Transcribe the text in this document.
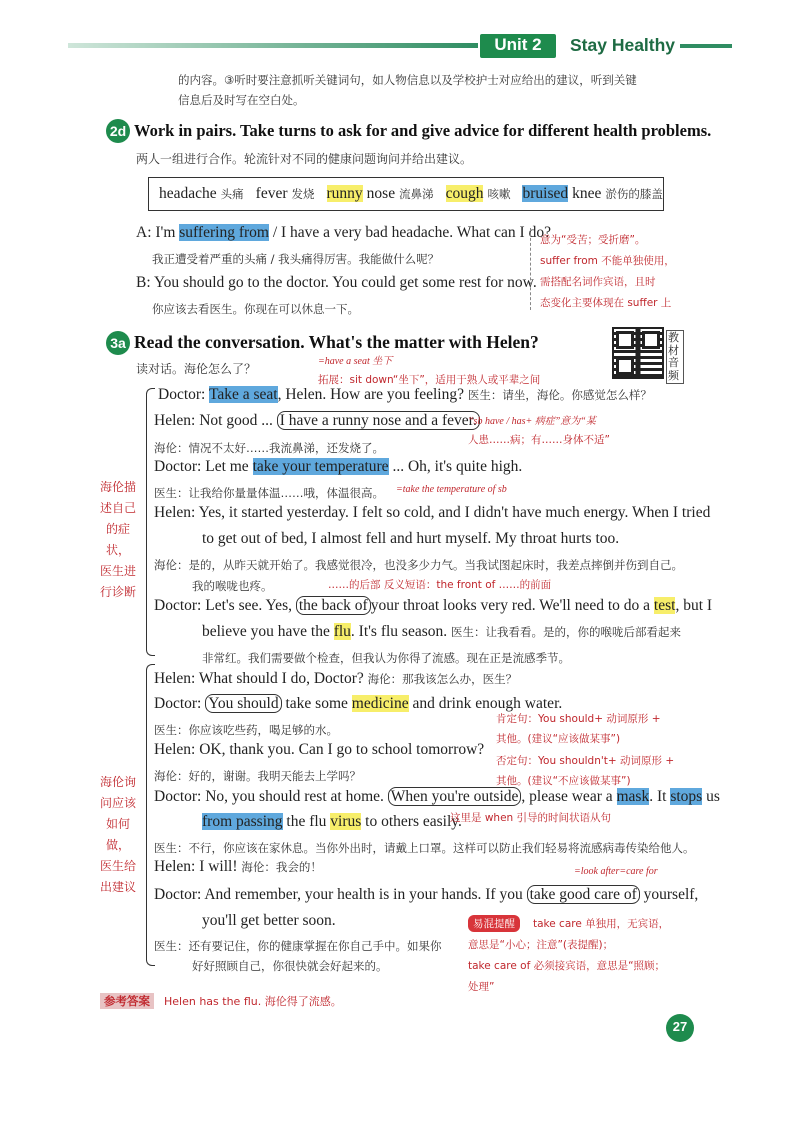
Unit 2	Stay Healthy
的内容。③听时要注意抓听关键词句，如人物信息以及学校护士对应给出的建议，听到关键
信息后及时写在空白处。
2d Work in pairs. Take turns to ask for and give advice for different health problems.
两人一组进行合作。轮流针对不同的健康问题询问并给出建议。
headache 头痛 fever 发烧 runny nose 流鼻涕 cough 咳嗽 bruised knee 淤伤的膝盖
A: I'm suffering from / I have a very bad headache. What can I do?
我正遭受着严重的头痛 / 我头痛得厉害。我能做什么呢？
B: You should go to the doctor. You could get some rest for now.
你应该去看医生。你现在可以休息一下。
意为“受苦；受折磨”。
suffer from 不能单独使用，
需搭配名词作宾语，且时
态变化主要体现在 suffer 上
3a Read the conversation. What's the matter with Helen?
读对话。海伦怎么了？
教材音频
海伦描
述自己
的症状，
医生进
行诊断
海伦询
问应该
如何做，
医生给
出建议
=have a seat 坐下
拓展：sit down“坐下”，适用于熟人或平辈之间
Doctor: Take a seat, Helen. How are you feeling? 医生：请坐，海伦。你感觉怎么样？
Helen: Not good ... I have a runny nose and a fever.
“sb have / has+ 病症”意为“某
人患……病；有……身体不适”
海伦：情况不太好……我流鼻涕，还发烧了。
Doctor: Let me take your temperature ... Oh, it's quite high.
医生：让我给你量量体温……哦，体温很高。 =take the temperature of sb
Helen: Yes, it started yesterday. I felt so cold, and I didn't have much energy. When I tried
to get out of bed, I almost fell and hurt myself. My throat hurts too.
海伦：是的，从昨天就开始了。我感觉很冷，也没多少力气。当我试图起床时，我差点摔倒并伤到自己。
我的喉咙也疼。	……的后部 反义短语：the front of ……的前面
Doctor: Let's see. Yes, the back of your throat looks very red. We'll need to do a test, but I
believe you have the flu. It's flu season. 医生：让我看看。是的，你的喉咙后部看起来
非常红。我们需要做个检查，但我认为你得了流感。现在正是流感季节。
Helen: What should I do, Doctor? 海伦：那我该怎么办，医生？
Doctor: You should take some medicine and drink enough water.
医生：你应该吃些药，喝足够的水。
Helen: OK, thank you. Can I go to school tomorrow?
海伦：好的，谢谢。我明天能去上学吗？
肯定句：You should+ 动词原形 +
其他。(建议“应该做某事”)
否定句：You shouldn't+ 动词原形 +
其他。(建议“不应该做某事”)
Doctor: No, you should rest at home. When you're outside , please wear a mask. It stops us
from passing the flu virus to others easily.
这里是 when 引导的时间状语从句
医生：不行，你应该在家休息。当你外出时，请戴上口罩。这样可以防止我们轻易将流感病毒传染给他人。
Helen: I will! 海伦：我会的！	=look after=care for
Doctor: And remember, your health is in your hands. If you take good care of yourself,
you'll get better soon.
医生：还有要记住，你的健康掌握在你自己手中。如果你
好好照顾自己，你很快就会好起来的。
易混提醒	take care 单独用，无宾语，
意思是“小心；注意”(表提醒)；
take care of 必须接宾语，意思是“照顾；
处理”
参考答案 Helen has the flu. 海伦得了流感。
27
